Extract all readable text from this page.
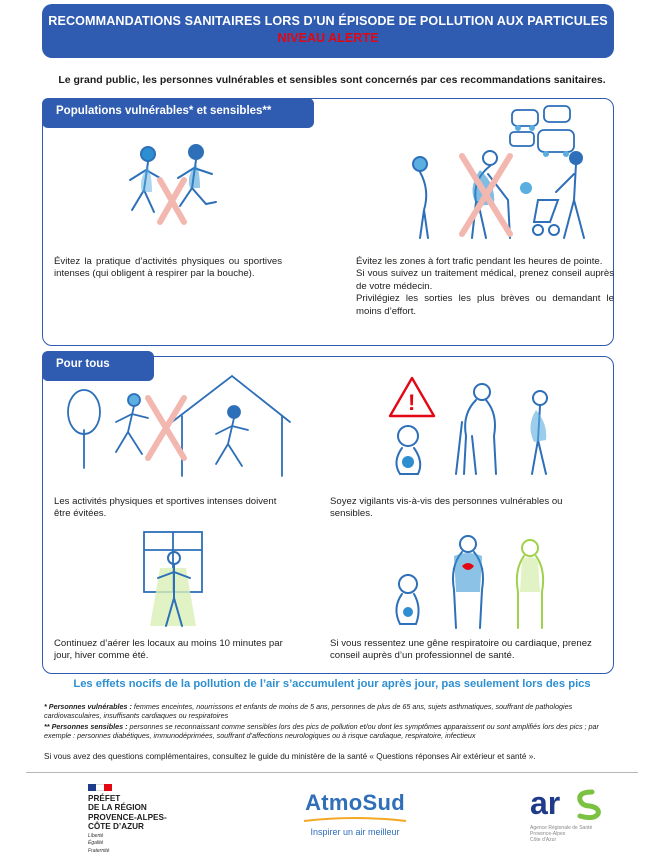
RECOMMANDATIONS SANITAIRES LORS D’UN ÉPISODE DE POLLUTION AUX PARTICULES
NIVEAU ALERTE
Le grand public, les personnes vulnérables et sensibles sont concernés par ces recommandations sanitaires.
Populations vulnérables* et sensibles**
Évitez la pratique d’activités physiques ou sportives intenses (qui obligent à respirer par la bouche).
Évitez les zones à fort trafic pendant les heures de pointe.
Si vous suivez un traitement médical, prenez conseil auprès de votre médecin.
Privilégiez les sorties les plus brèves ou demandant le moins d’effort.
Pour tous
Les activités physiques et sportives intenses doivent être évitées.
!
Soyez vigilants vis-à-vis des personnes vulnérables ou sensibles.
Continuez d’aérer les locaux au moins 10 minutes par jour, hiver comme été.
Si vous ressentez une gêne respiratoire ou cardiaque, prenez conseil auprès d’un professionnel de santé.
Les effets nocifs de la pollution de l’air s’accumulent jour après jour, pas seulement lors des pics
* Personnes vulnérables : femmes enceintes, nourrissons et enfants de moins de 5 ans, personnes de plus de 65 ans, sujets asthmatiques, souffrant de pathologies cardiovasculaires, insuffisants cardiaques ou respiratoires
** Personnes sensibles : personnes se reconnaissant comme sensibles lors des pics de pollution et/ou dont les symptômes apparaissent ou sont amplifiés lors des pics ; par exemple : personnes diabétiques, immunodéprimées, souffrant d’affections neurologiques ou à risque cardiaque, respiratoire, infectieux
Si vous avez des questions complémentaires, consultez le guide du ministère de la santé « Questions réponses Air extérieur et santé ».
PRÉFET
DE LA RÉGION
PROVENCE-ALPES-
CÔTE D’AZUR
Liberté
Égalité
Fraternité
AtmoSud
Inspirer un air meilleur
ar
Agence Régionale de Santé
Provence-Alpes
Côte d’Azur
